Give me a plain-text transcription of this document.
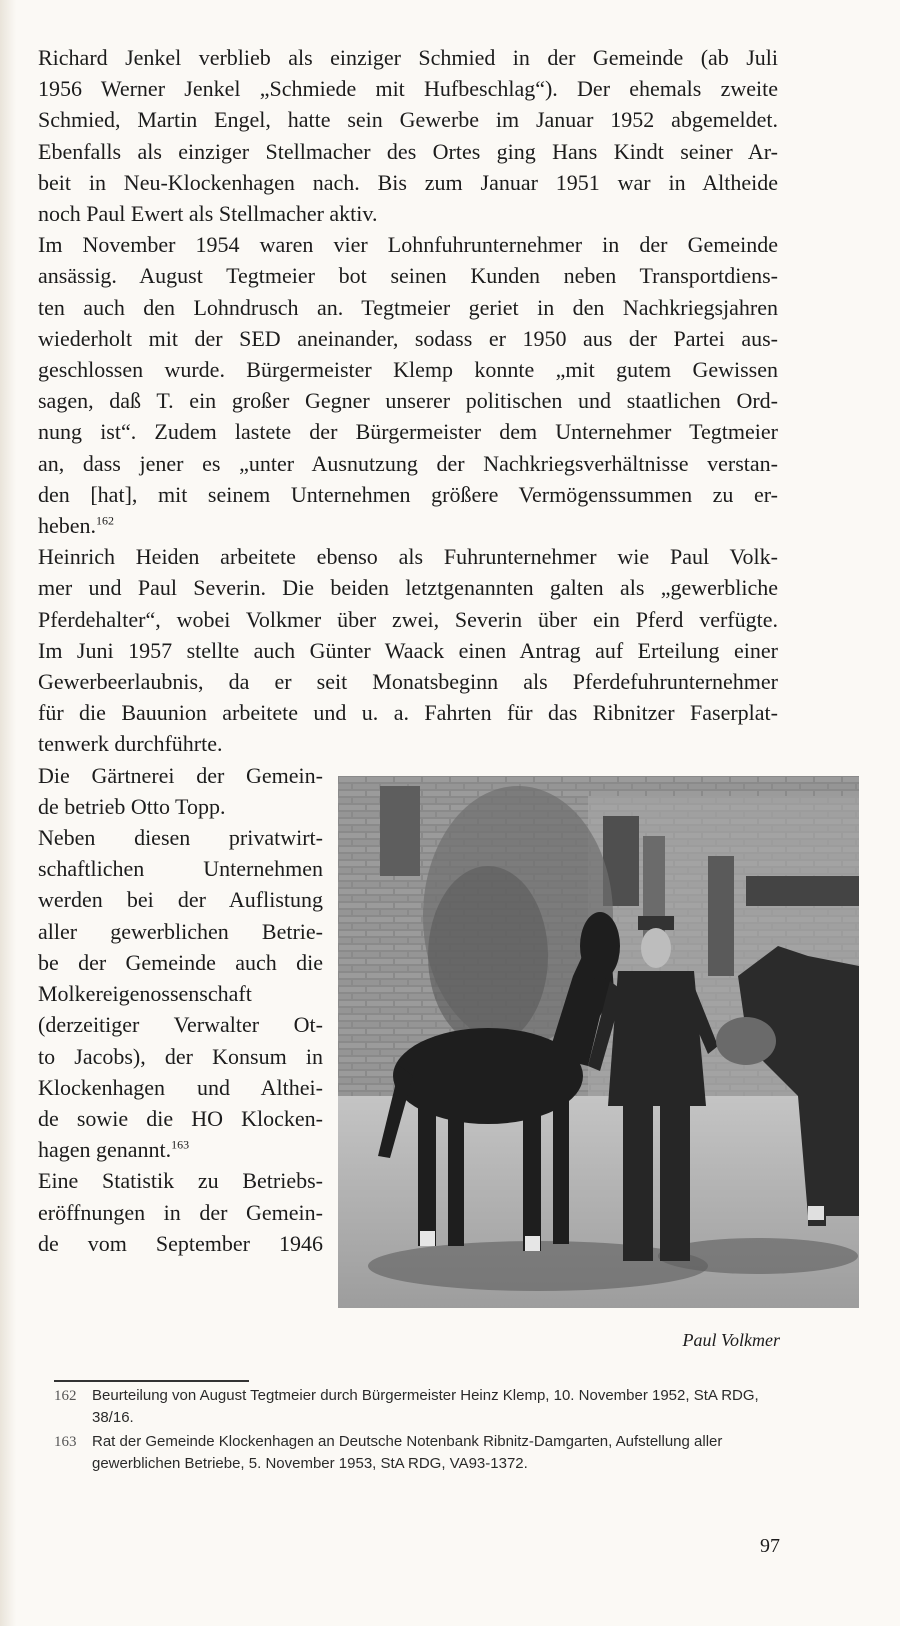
Richard Jenkel verblieb als einziger Schmied in der Gemeinde (ab Juli
1956 Werner Jenkel „Schmiede mit Hufbeschlag“). Der ehemals zweite
Schmied, Martin Engel, hatte sein Gewerbe im Januar 1952 abgemeldet.
Ebenfalls als einziger Stellmacher des Ortes ging Hans Kindt seiner Ar-
beit in Neu-Klockenhagen nach. Bis zum Januar 1951 war in Altheide
noch Paul Ewert als Stellmacher aktiv.
Im November 1954 waren vier Lohnfuhrunternehmer in der Gemeinde
ansässig. August Tegtmeier bot seinen Kunden neben Transportdiens-
ten auch den Lohndrusch an. Tegtmeier geriet in den Nachkriegsjahren
wiederholt mit der SED aneinander, sodass er 1950 aus der Partei aus-
geschlossen wurde. Bürgermeister Klemp konnte „mit gutem Gewissen
sagen, daß T. ein großer Gegner unserer politischen und staatlichen Ord-
nung ist“. Zudem lastete der Bürgermeister dem Unternehmer Tegtmeier
an, dass jener es „unter Ausnutzung der Nachkriegsverhältnisse verstan-
den [hat], mit seinem Unternehmen größere Vermögenssummen zu er-
heben.$^{162}$
Heinrich Heiden arbeitete ebenso als Fuhrunternehmer wie Paul Volk-
mer und Paul Severin. Die beiden letztgenannten galten als „gewerbliche
Pferdehalter“, wobei Volkmer über zwei, Severin über ein Pferd verfügte.
Im Juni 1957 stellte auch Günter Waack einen Antrag auf Erteilung einer
Gewerbeerlaubnis, da er seit Monatsbeginn als Pferdefuhrunternehmer
für die Bauunion arbeitete und u. a. Fahrten für das Ribnitzer Faserplat-
tenwerk durchführte.
Die Gärtnerei der Gemein-
de betrieb Otto Topp.
Neben diesen privatwirt-
schaftlichen Unternehmen
werden bei der Auflistung
aller gewerblichen Betrie-
be der Gemeinde auch die
Molkereigenossenschaft
(derzeitiger Verwalter Ot-
to Jacobs), der Konsum in
Klockenhagen und Althei-
de sowie die HO Klocken-
hagen genannt.$^{163}$
Eine Statistik zu Betriebs-
eröffnungen in der Gemein-
de vom September 1946
Paul Volkmer
162	Beurteilung von August Tegtmeier durch Bürgermeister Heinz Klemp, 10. November 1952, StA RDG, 38/16.
163	Rat der Gemeinde Klockenhagen an Deutsche Notenbank Ribnitz-Damgarten, Aufstellung aller gewerblichen Betriebe, 5. November 1953, StA RDG, VA93-1372.
97
